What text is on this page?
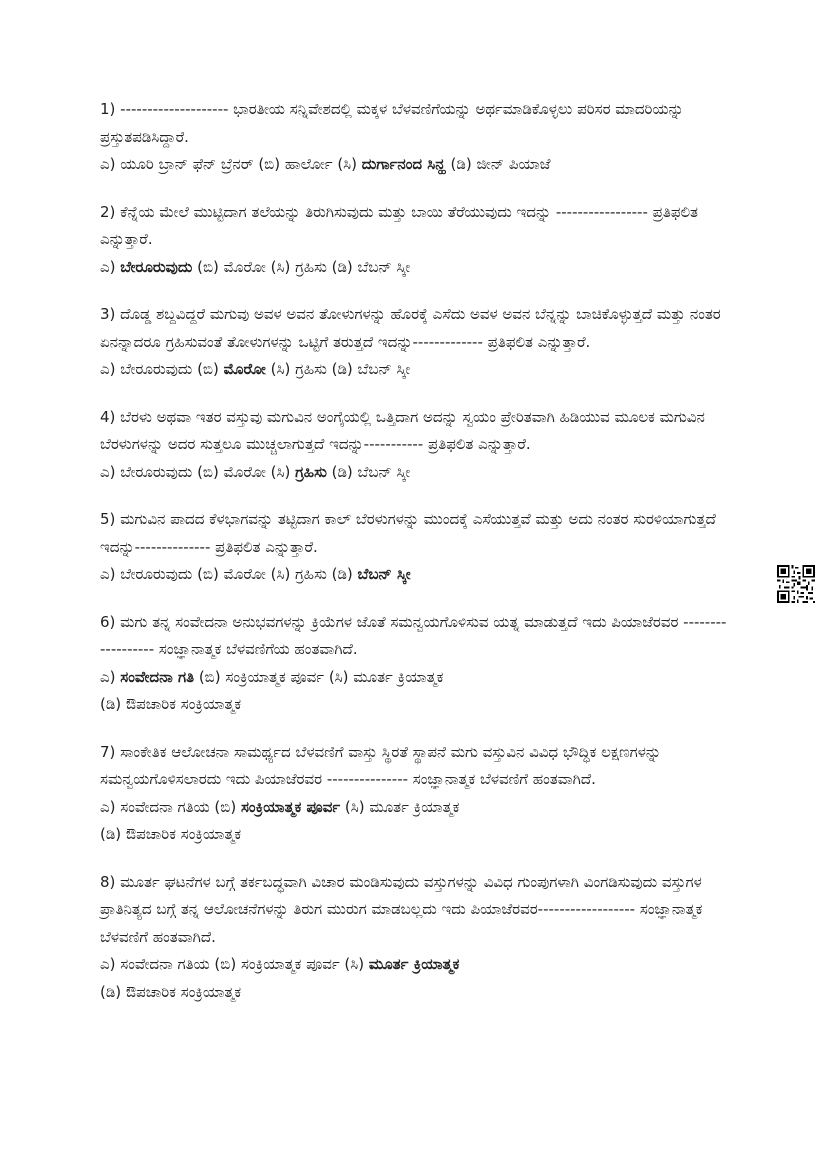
1) -------------------- ಭಾರತೀಯ ಸನ್ನಿವೇಶದಲ್ಲಿ ಮಕ್ಕಳ ಬೆಳವಣಿಗೆಯನ್ನು ಅರ್ಥಮಾಡಿಕೊಳ್ಳಲು ಪರಿಸರ ಮಾದರಿಯನ್ನು ಪ್ರಸ್ತುತಪಡಿಸಿದ್ದಾರೆ.

ಎ) ಯೂರಿ ಬ್ರಾನ್ ಫೆನ್ ಬ್ರೆನರ್ (ಬಿ) ಹಾರ್ಲೋ (ಸಿ) ದುರ್ಗಾನಂದ ಸಿನ್ಹ (ಡಿ) ಜೀನ್ ಪಿಯಾಜೆ

2) ಕೆನ್ನೆಯ ಮೇಲೆ ಮುಟ್ಟಿದಾಗ ತಲೆಯನ್ನು ತಿರುಗಿಸುವುದು ಮತ್ತು ಬಾಯಿ ತೆರೆಯುವುದು ಇದನ್ನು ----------------- ಪ್ರತಿಫಲಿತ ಎನ್ನುತ್ತಾರೆ.

ಎ) ಬೇರೂರುವುದು (ಬಿ) ಮೊರೋ (ಸಿ) ಗ್ರಹಿಸು (ಡಿ) ಬೆಬನ್ ಸ್ಕೀ

3) ದೊಡ್ಡ ಶಬ್ದವಿದ್ದರೆ ಮಗುವು ಅವಳ ಅವನ ತೋಳುಗಳನ್ನು ಹೊರಕ್ಕೆ ಎಸೆದು ಅವಳ ಅವನ ಬೆನ್ನನ್ನು ಬಾಚಿಕೊಳ್ಳುತ್ತದೆ ಮತ್ತು ನಂತರ ಏನನ್ನಾದರೂ ಗ್ರಹಿಸುವಂತೆ ತೋಳುಗಳನ್ನು ಒಟ್ಟಿಗೆ ತರುತ್ತದೆ ಇದನ್ನು------------- ಪ್ರತಿಫಲಿತ ಎನ್ನುತ್ತಾರೆ.

ಎ) ಬೇರೂರುವುದು (ಬಿ) ಮೊರೋ (ಸಿ) ಗ್ರಹಿಸು (ಡಿ) ಬೆಬನ್ ಸ್ಕೀ

4) ಬೆರಳು ಅಥವಾ ಇತರ ವಸ್ತುವು ಮಗುವಿನ ಅಂಗೈಯಲ್ಲಿ ಒತ್ತಿದಾಗ ಅದನ್ನು ಸ್ವಯಂ ಪ್ರೇರಿತವಾಗಿ ಹಿಡಿಯುವ ಮೂಲಕ ಮಗುವಿನ ಬೆರಳುಗಳನ್ನು ಅದರ ಸುತ್ತಲೂ ಮುಚ್ಚಲಾಗುತ್ತದೆ ಇದನ್ನು----------- ಪ್ರತಿಫಲಿತ ಎನ್ನುತ್ತಾರೆ.

ಎ) ಬೇರೂರುವುದು (ಬಿ) ಮೊರೋ (ಸಿ) ಗ್ರಹಿಸು (ಡಿ) ಬೆಬನ್ ಸ್ಕೀ

5) ಮಗುವಿನ ಪಾದದ ಕೆಳಭಾಗವನ್ನು ತಟ್ಟಿದಾಗ ಕಾಲ್ ಬೆರಳುಗಳನ್ನು ಮುಂದಕ್ಕೆ ಎಸೆಯುತ್ತವೆ ಮತ್ತು ಅದು ನಂತರ ಸುರಳಿಯಾಗುತ್ತದೆ ಇದನ್ನು-------------- ಪ್ರತಿಫಲಿತ ಎನ್ನುತ್ತಾರೆ.

ಎ) ಬೇರೂರುವುದು (ಬಿ) ಮೊರೋ (ಸಿ) ಗ್ರಹಿಸು (ಡಿ) ಬೆಬನ್ ಸ್ಕೀ

6) ಮಗು ತನ್ನ ಸಂವೇದನಾ ಅನುಭವಗಳನ್ನು ಕ್ರಿಯೆಗಳ ಜೊತೆ ಸಮನ್ವಯಗೊಳಿಸುವ ಯತ್ನ ಮಾಡುತ್ತದೆ ಇದು ಪಿಯಾಜೆರವರ ------------------ ಸಂಜ್ಞಾನಾತ್ಮಕ ಬೆಳವಣಿಗೆಯ ಹಂತವಾಗಿದೆ.

ಎ) ಸಂವೇದನಾ ಗತಿ (ಬಿ) ಸಂಕ್ರಿಯಾತ್ಮಕ ಪೂರ್ವ (ಸಿ) ಮೂರ್ತ ಕ್ರಿಯಾತ್ಮಕ

(ಡಿ) ಔಪಚಾರಿಕ ಸಂಕ್ರಿಯಾತ್ಮಕ

7) ಸಾಂಕೇತಿಕ ಆಲೋಚನಾ ಸಾಮರ್ಥ್ಯದ ಬೆಳವಣಿಗೆ ವಾಸ್ತು ಸ್ಥಿರತೆ ಸ್ಥಾಪನೆ ಮಗು ವಸ್ತುವಿನ ವಿವಿಧ ಭೌದ್ಧಿಕ ಲಕ್ಷಣಗಳನ್ನು ಸಮನ್ವಯಗೊಳಿಸಲಾರದು ಇದು ಪಿಯಾಜೆರವರ --------------- ಸಂಜ್ಞಾನಾತ್ಮಕ ಬೆಳವಣಿಗೆ ಹಂತವಾಗಿದೆ.

ಎ) ಸಂವೇದನಾ ಗತಿಯ (ಬಿ) ಸಂಕ್ರಿಯಾತ್ಮಕ ಪೂರ್ವ (ಸಿ) ಮೂರ್ತ ಕ್ರಿಯಾತ್ಮಕ

(ಡಿ) ಔಪಚಾರಿಕ ಸಂಕ್ರಿಯಾತ್ಮಕ

8) ಮೂರ್ತ ಘಟನೆಗಳ ಬಗ್ಗೆ ತರ್ಕಬದ್ಧವಾಗಿ ವಿಚಾರ ಮಂಡಿಸುವುದು ವಸ್ತುಗಳನ್ನು ವಿವಿಧ ಗುಂಪುಗಳಾಗಿ ವಿಂಗಡಿಸುವುದು ವಸ್ತುಗಳ ಪ್ರಾತಿನಿತ್ಯದ ಬಗ್ಗೆ ತನ್ನ ಆಲೋಚನೆಗಳನ್ನು ತಿರುಗ ಮುರುಗ ಮಾಡಬಲ್ಲದು ಇದು ಪಿಯಾಜೆರವರ------------------ ಸಂಜ್ಞಾನಾತ್ಮಕ ಬೆಳವಣಿಗೆ ಹಂತವಾಗಿದೆ.

ಎ) ಸಂವೇದನಾ ಗತಿಯ (ಬಿ) ಸಂಕ್ರಿಯಾತ್ಮಕ ಪೂರ್ವ (ಸಿ) ಮೂರ್ತ ಕ್ರಿಯಾತ್ಮಕ

(ಡಿ) ಔಪಚಾರಿಕ ಸಂಕ್ರಿಯಾತ್ಮಕ
